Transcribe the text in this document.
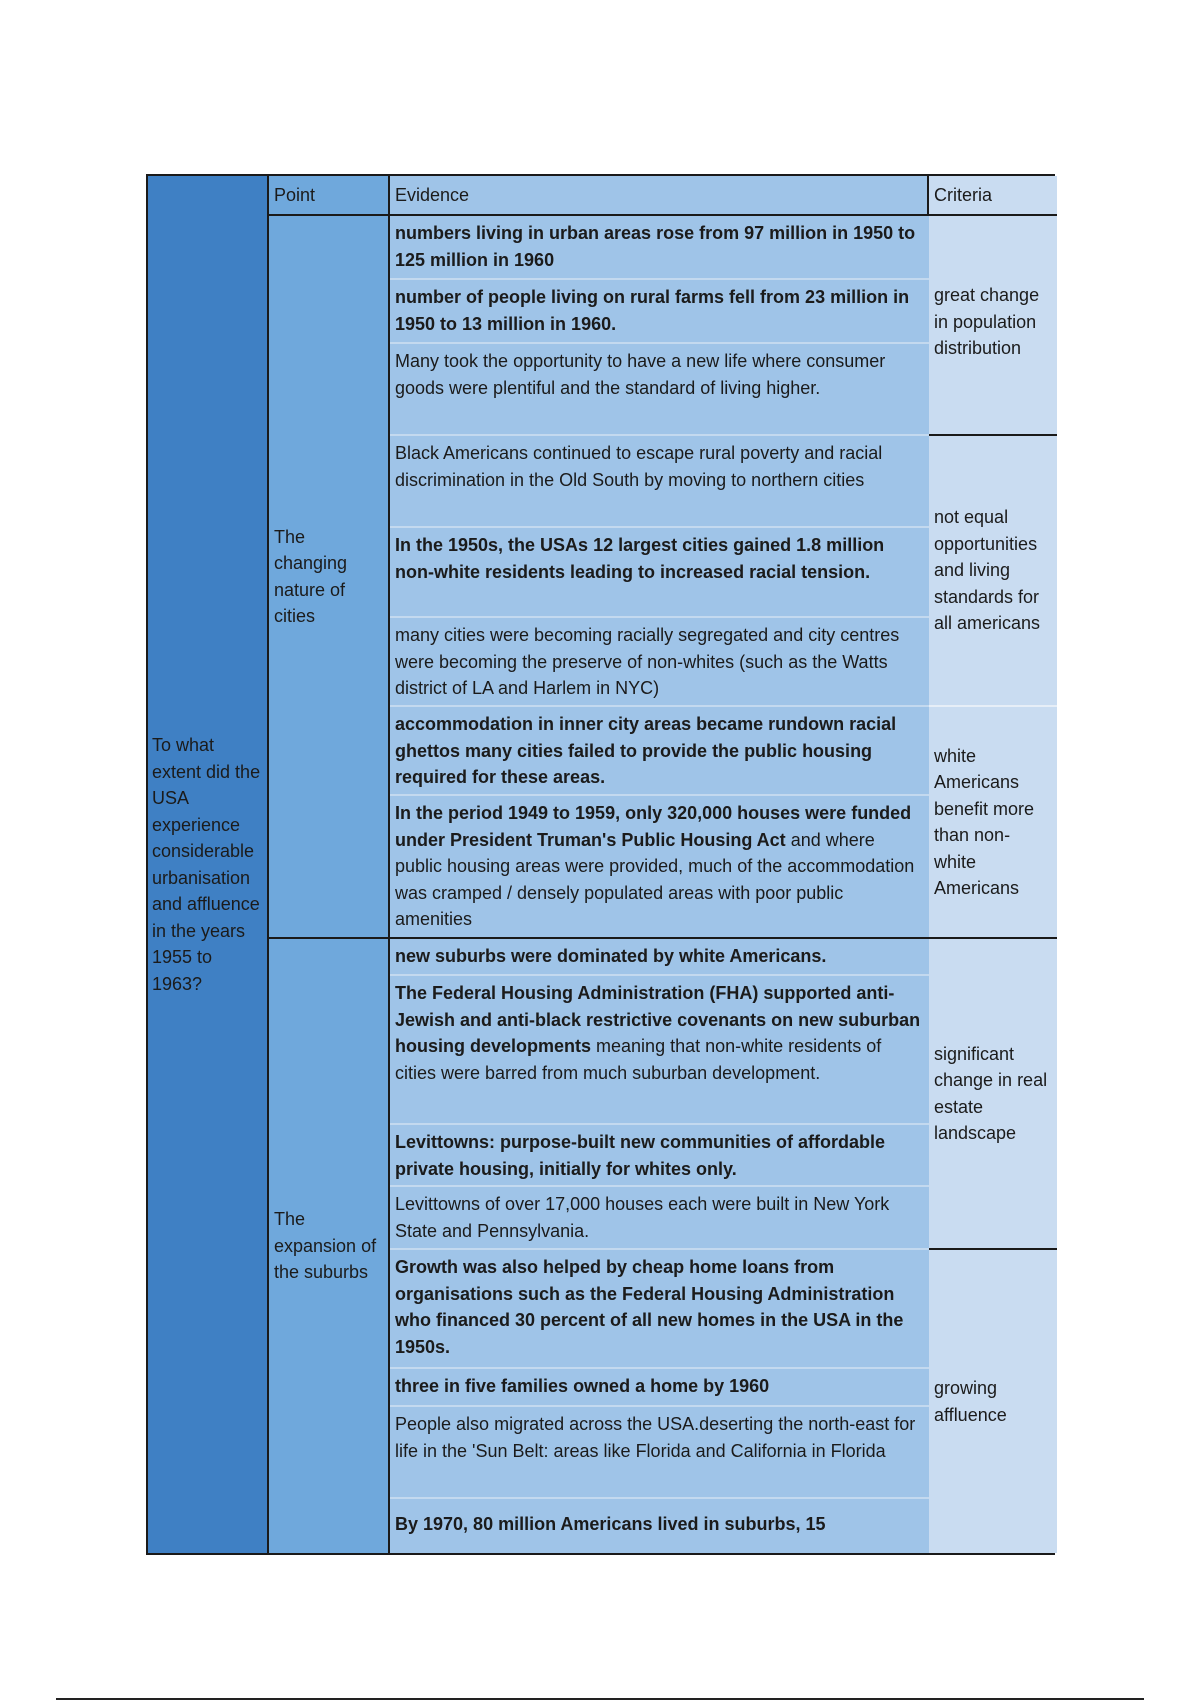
To what extent did the USA experience considerable urbanisation and affluence in the years 1955 to 1963?
Point	Evidence	Criteria
The changing nature of cities
The expansion of the suburbs
numbers living in urban areas rose from 97 million in 1950 to 125 million in 1960
number of people living on rural farms fell from 23 million in 1950 to 13 million in 1960.
Many took the opportunity to have a new life where consumer goods were plentiful and the standard of living higher.
Black Americans continued to escape rural poverty and racial discrimination in the Old South by moving to northern cities
In the 1950s, the USAs 12 largest cities gained 1.8 million non-white residents leading to increased racial tension.
many cities were becoming racially segregated and city centres were becoming the preserve of non-whites (such as the Watts district of LA and Harlem in NYC)
accommodation in inner city areas became rundown racial ghettos many cities failed to provide the public housing required for these areas.
In the period 1949 to 1959, only 320,000 houses were funded under President Truman's Public Housing Act and where public housing areas were provided, much of the accommodation was cramped / densely populated areas with poor public amenities
new suburbs were dominated by white Americans.
The Federal Housing Administration (FHA) supported anti-Jewish and anti-black restrictive covenants on new suburban housing developments meaning that non-white residents of cities were barred from much suburban development.
Levittowns: purpose-built new communities of affordable private housing, initially for whites only.
Levittowns of over 17,000 houses each were built in New York State and Pennsylvania.
Growth was also helped by cheap home loans from organisations such as the Federal Housing Administration who financed 30 percent of all new homes in the USA in the 1950s.
three in five families owned a home by 1960
People also migrated across the USA.deserting the north-east for life in the 'Sun Belt: areas like Florida and California in Florida
By 1970, 80 million Americans lived in suburbs, 15
great change in population distribution
not equal opportunities and living standards for all americans
white Americans benefit more than non-white Americans
significant change in real estate landscape
growing affluence
